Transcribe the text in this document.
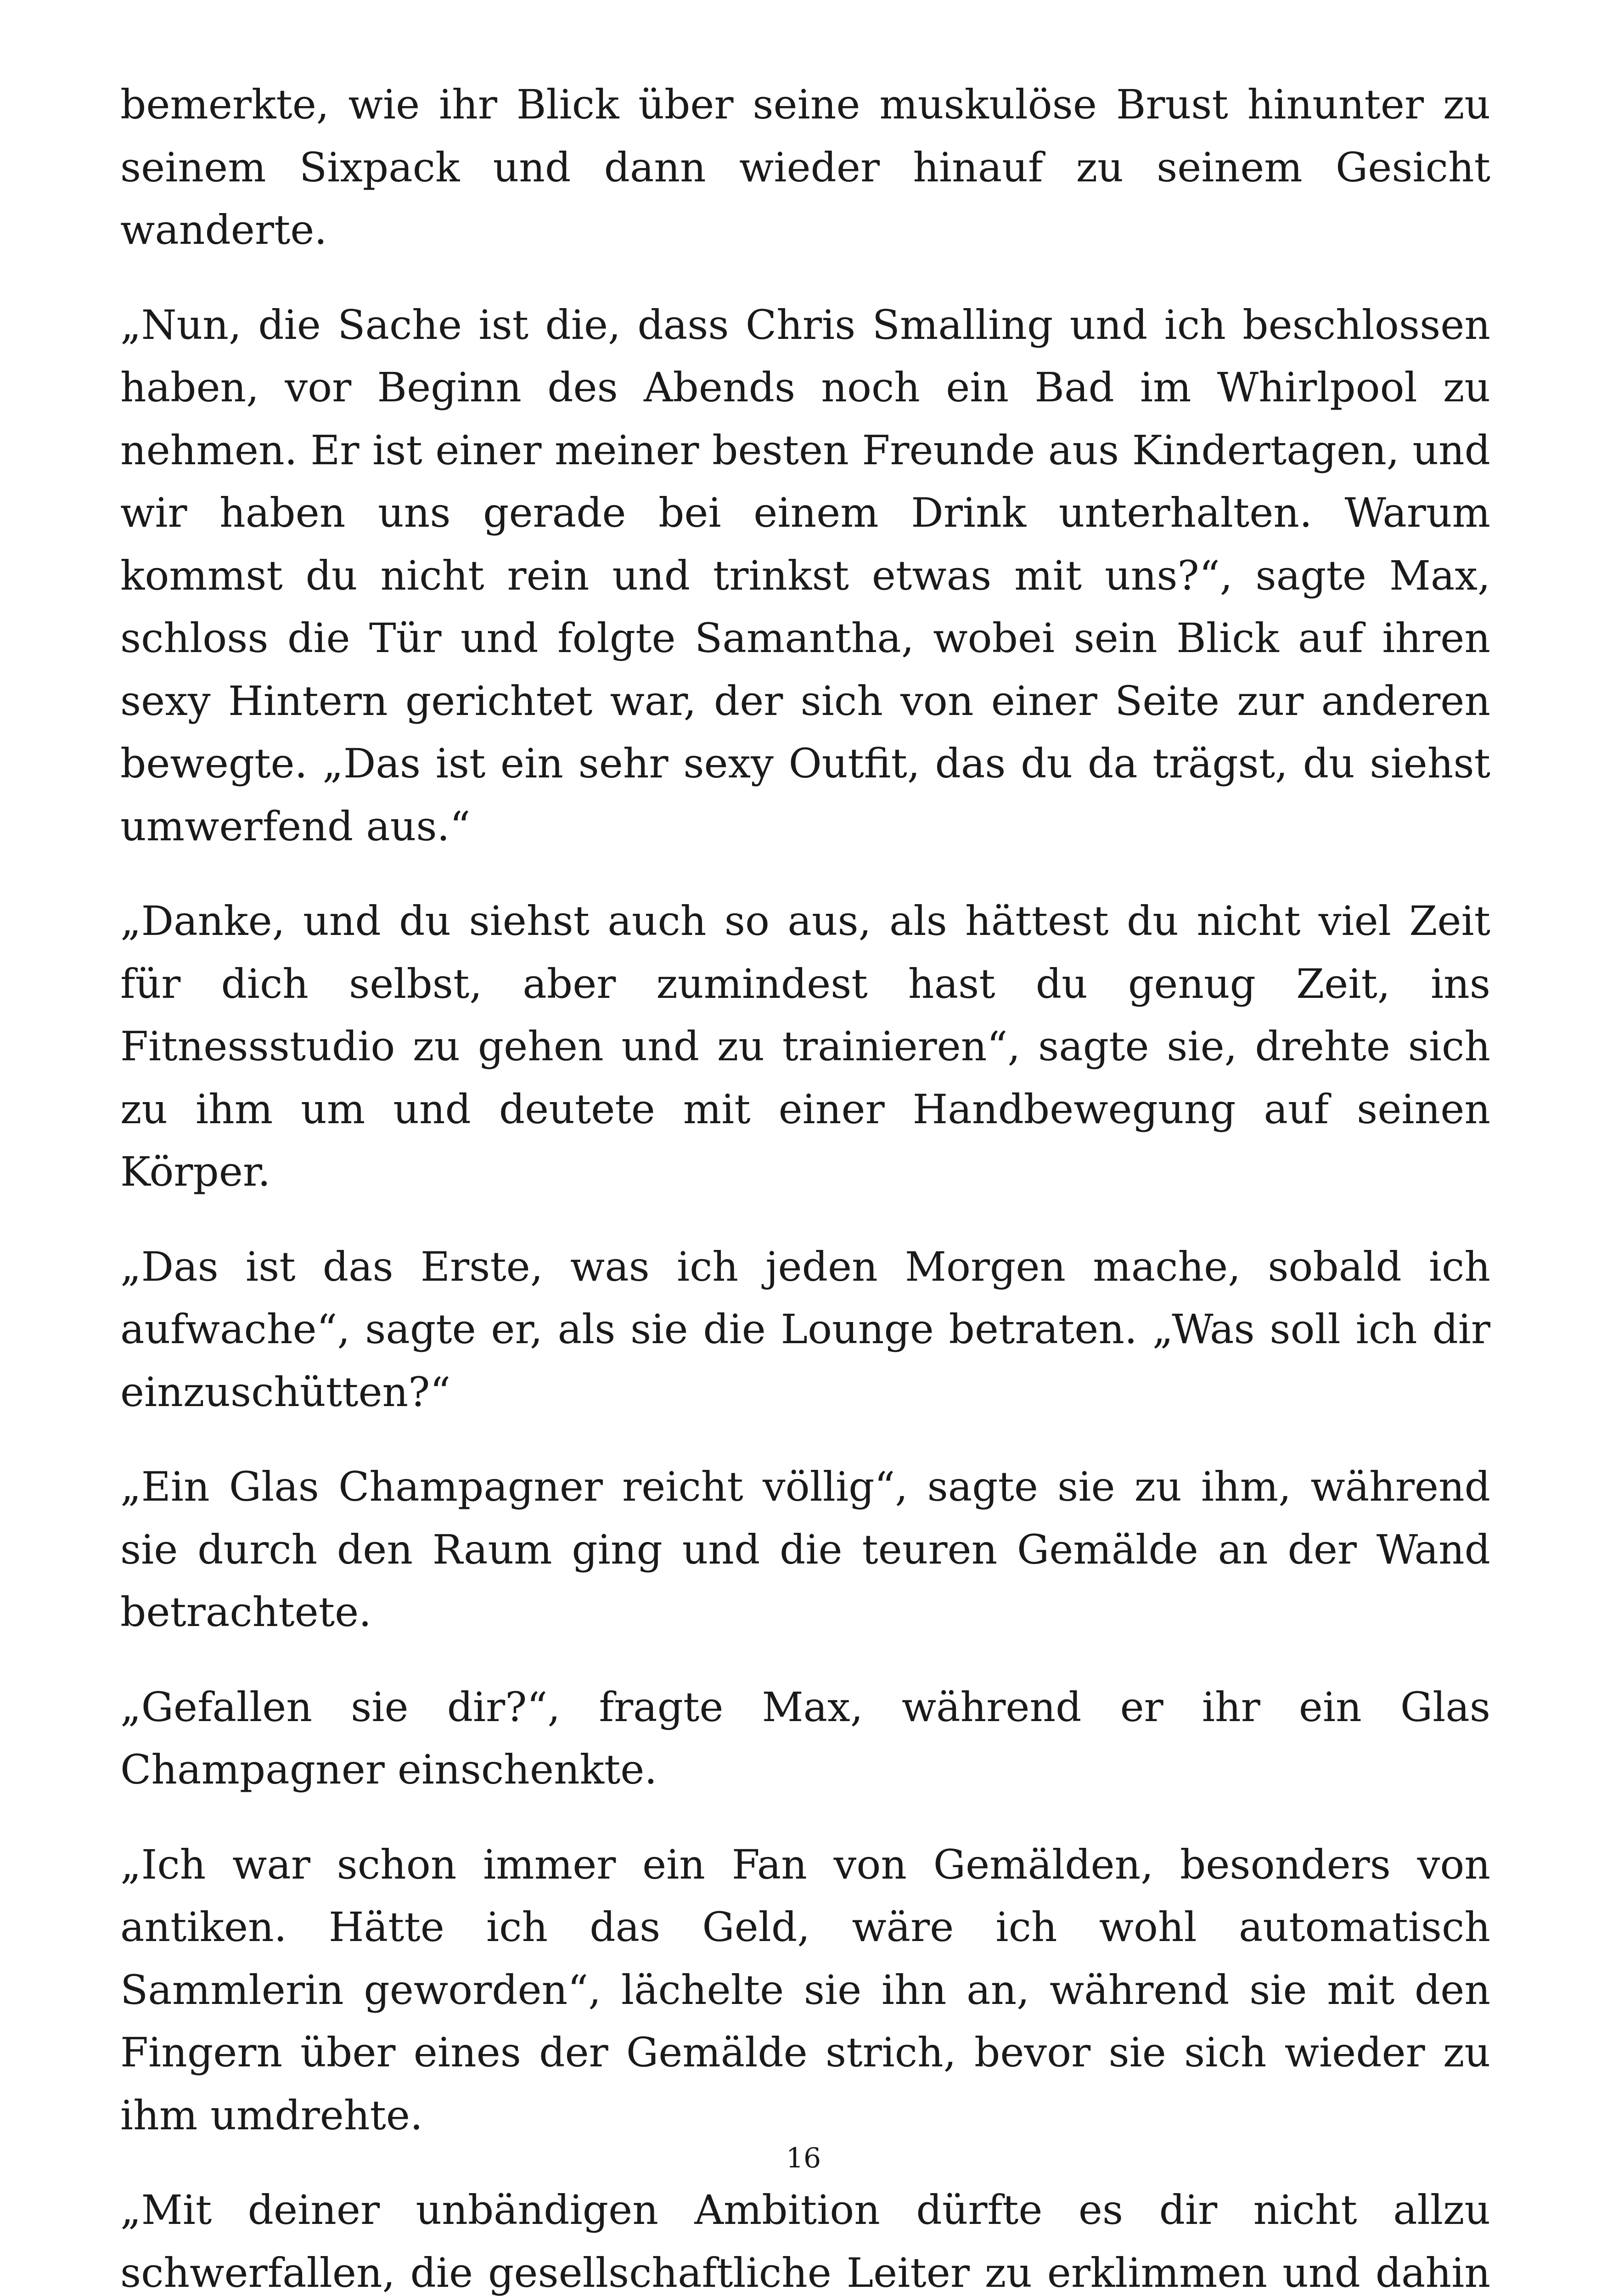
bemerkte, wie ihr Blick über seine muskulöse Brust hinunter zu seinem Sixpack und dann wieder hinauf zu seinem Gesicht wanderte.

„Nun, die Sache ist die, dass Chris Smalling und ich beschlossen haben, vor Beginn des Abends noch ein Bad im Whirlpool zu nehmen. Er ist einer meiner besten Freunde aus Kindertagen, und wir haben uns gerade bei einem Drink unterhalten. Warum kommst du nicht rein und trinkst etwas mit uns?“, sagte Max, schloss die Tür und folgte Samantha, wobei sein Blick auf ihren sexy Hintern gerichtet war, der sich von einer Seite zur anderen bewegte. „Das ist ein sehr sexy Outfit, das du da trägst, du siehst umwerfend aus.“

„Danke, und du siehst auch so aus, als hättest du nicht viel Zeit für dich selbst, aber zumindest hast du genug Zeit, ins Fitnessstudio zu gehen und zu trainieren“, sagte sie, drehte sich zu ihm um und deutete mit einer Handbewegung auf seinen Körper.

„Das ist das Erste, was ich jeden Morgen mache, sobald ich aufwache“, sagte er, als sie die Lounge betraten. „Was soll ich dir einzuschütten?“

„Ein Glas Champagner reicht völlig“, sagte sie zu ihm, während sie durch den Raum ging und die teuren Gemälde an der Wand betrachtete.

„Gefallen sie dir?“, fragte Max, während er ihr ein Glas Champagner einschenkte.

„Ich war schon immer ein Fan von Gemälden, besonders von antiken. Hätte ich das Geld, wäre ich wohl automatisch Sammlerin geworden“, lächelte sie ihn an, während sie mit den Fingern über eines der Gemälde strich, bevor sie sich wieder zu ihm umdrehte.

„Mit deiner unbändigen Ambition dürfte es dir nicht allzu schwerfallen, die gesellschaftliche Leiter zu erklimmen und dahin

16
